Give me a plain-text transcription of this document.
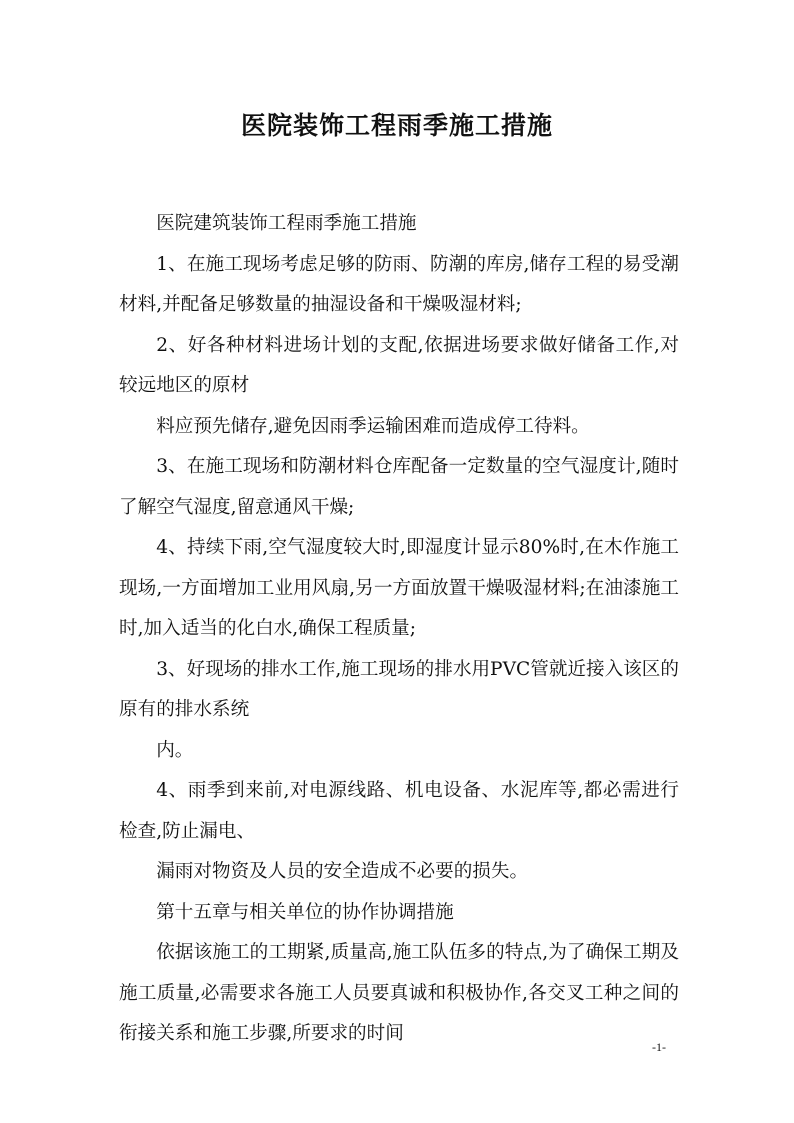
医院装饰工程雨季施工措施

医院建筑装饰工程雨季施工措施

1、在施工现场考虑足够的防雨、防潮的库房,储存工程的易受潮材料,并配备足够数量的抽湿设备和干燥吸湿材料;

2、好各种材料进场计划的支配,依据进场要求做好储备工作,对较远地区的原材

料应预先储存,避免因雨季运输困难而造成停工待料。

3、在施工现场和防潮材料仓库配备一定数量的空气湿度计,随时了解空气湿度,留意通风干燥;

4、持续下雨,空气湿度较大时,即湿度计显示80%时,在木作施工现场,一方面增加工业用风扇,另一方面放置干燥吸湿材料;在油漆施工时,加入适当的化白水,确保工程质量;

3、好现场的排水工作,施工现场的排水用PVC管就近接入该区的原有的排水系统

内。

4、雨季到来前,对电源线路、机电设备、水泥库等,都必需进行检查,防止漏电、

漏雨对物资及人员的安全造成不必要的损失。

第十五章与相关单位的协作协调措施

依据该施工的工期紧,质量高,施工队伍多的特点,为了确保工期及施工质量,必需要求各施工人员要真诚和积极协作,各交叉工种之间的衔接关系和施工步骤,所要求的时间

-1-
